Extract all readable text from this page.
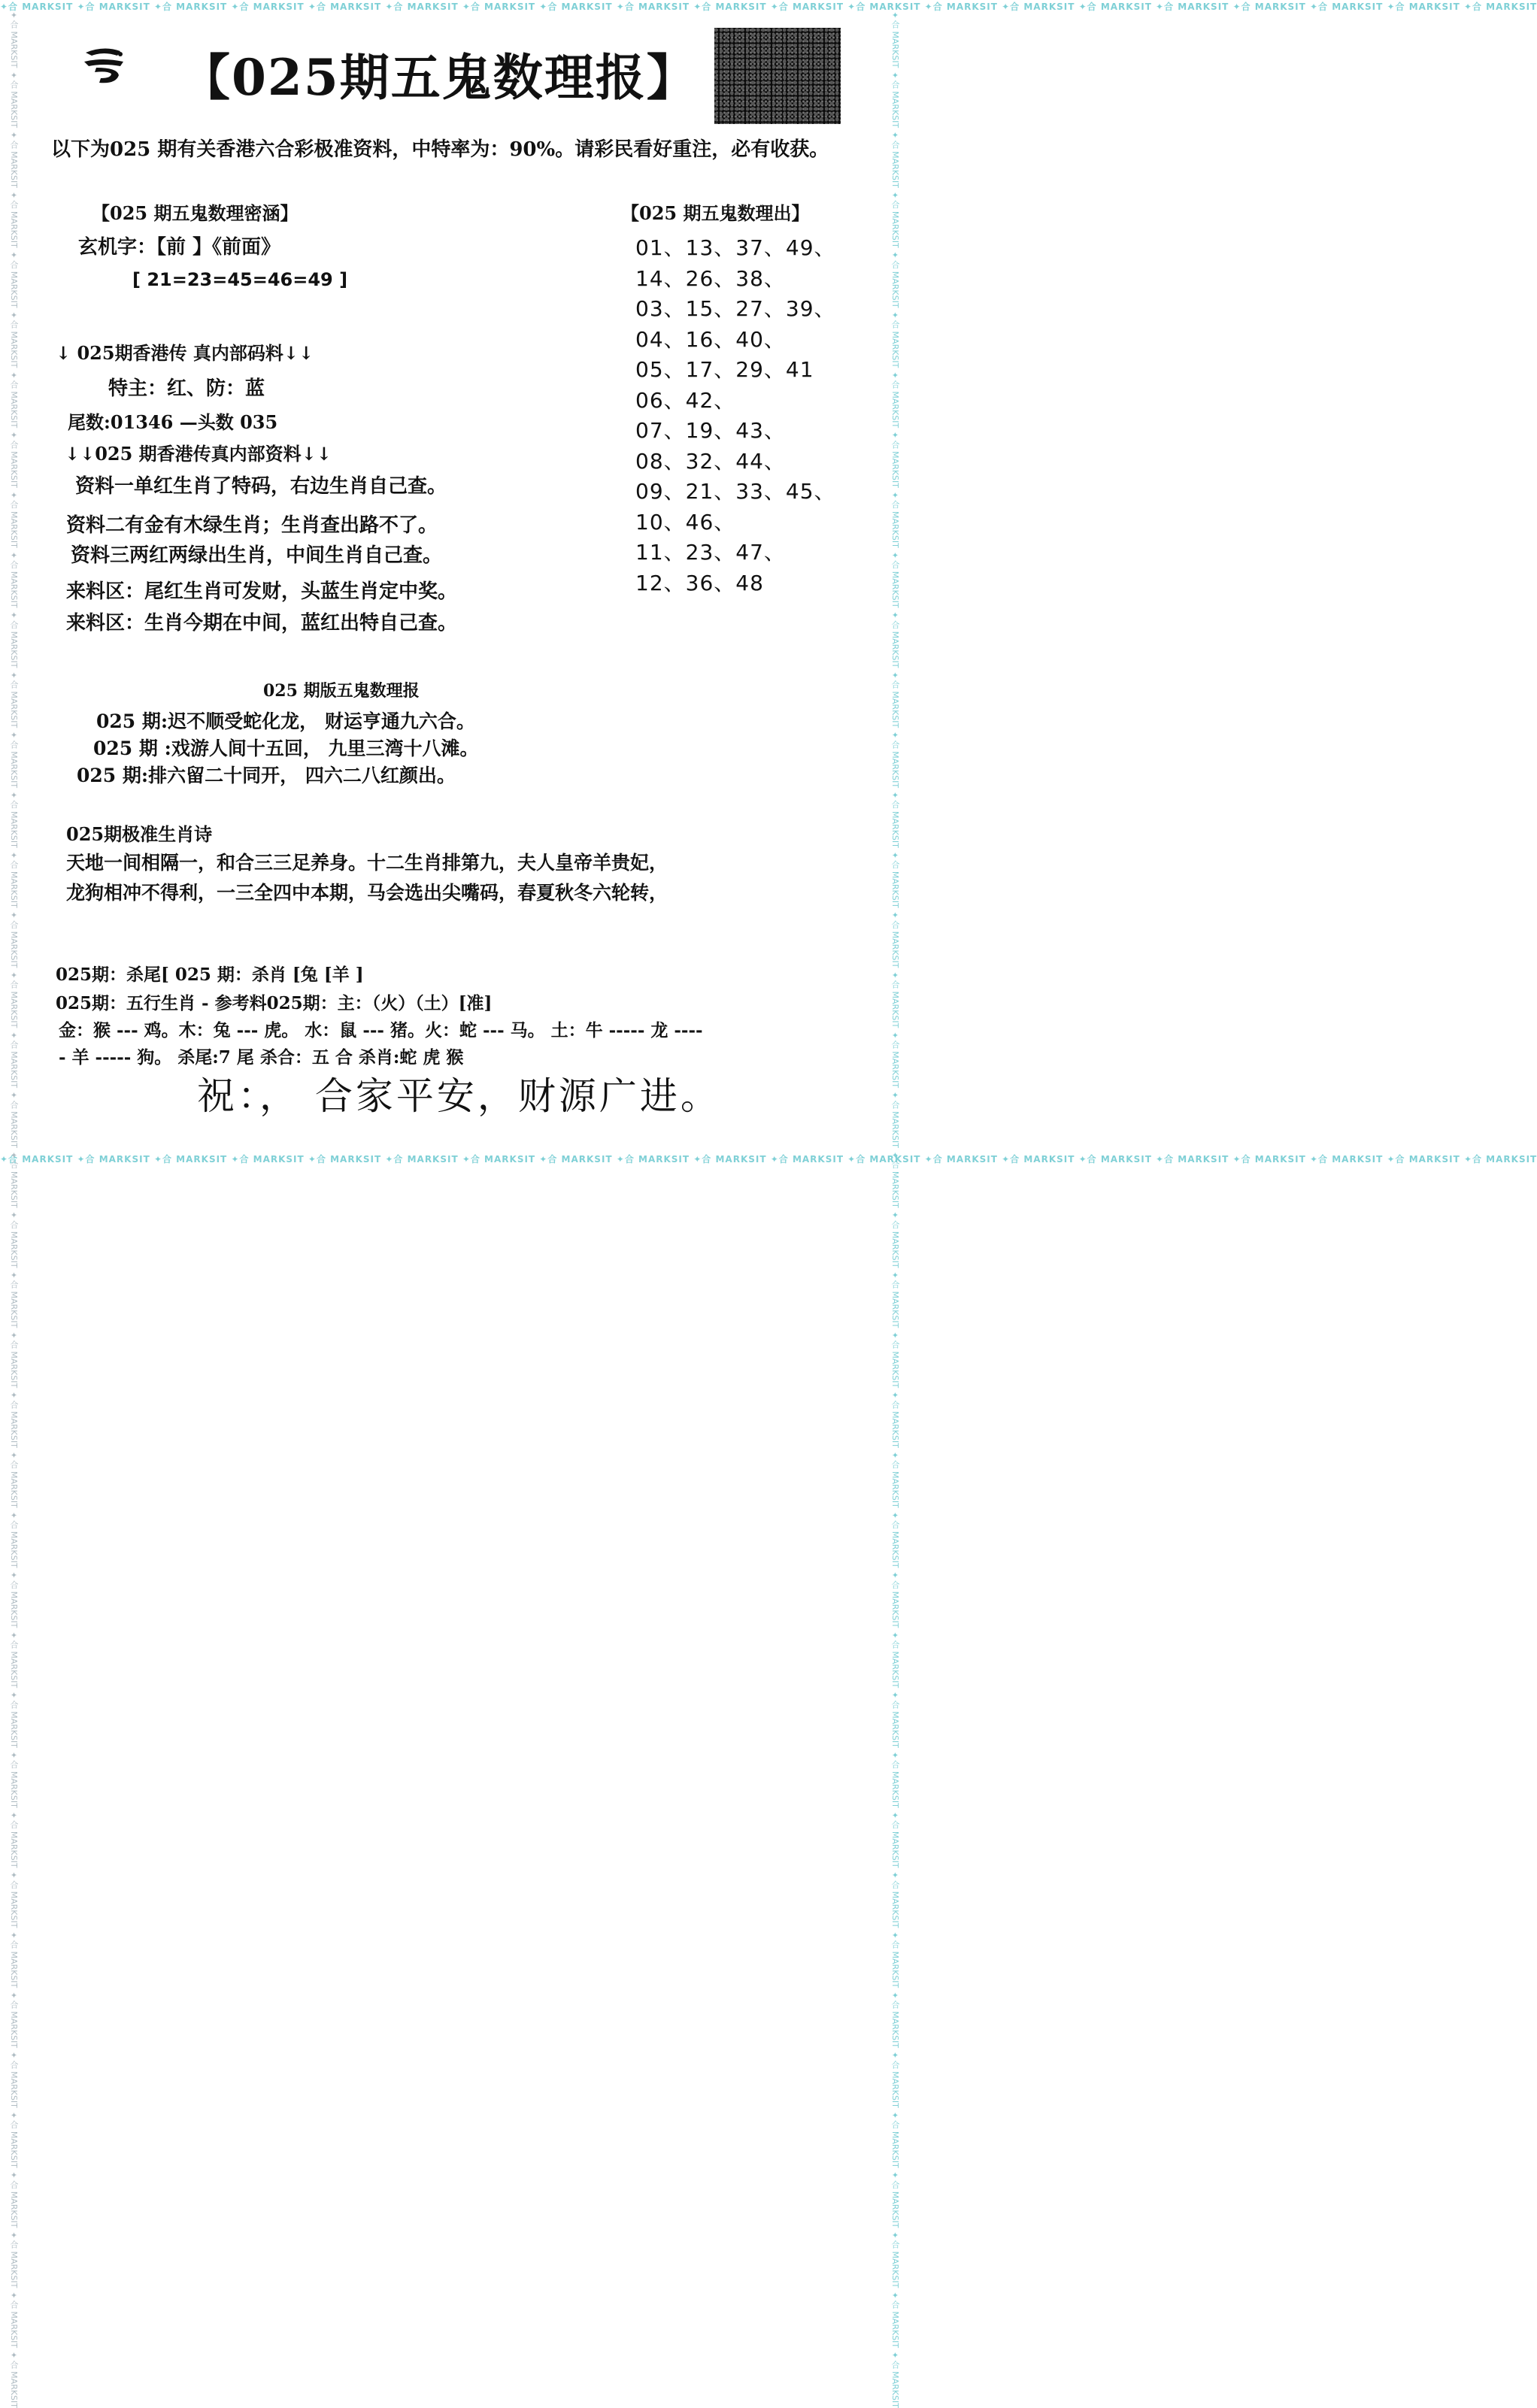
✦合 MARKSIT ✦合 MARKSIT ✦合 MARKSIT ✦合 MARKSIT ✦合 MARKSIT ✦合 MARKSIT ✦合 MARKSIT ✦合 MARKSIT ✦合 MARKSIT ✦合 MARKSIT ✦合 MARKSIT ✦合 MARKSIT ✦合 MARKSIT ✦合 MARKSIT ✦合 MARKSIT ✦合 MARKSIT ✦合 MARKSIT ✦合 MARKSIT ✦合 MARKSIT ✦合 MARKSIT
✦合 MARKSIT ✦合 MARKSIT ✦合 MARKSIT ✦合 MARKSIT ✦合 MARKSIT ✦合 MARKSIT ✦合 MARKSIT ✦合 MARKSIT ✦合 MARKSIT ✦合 MARKSIT ✦合 MARKSIT ✦合 MARKSIT ✦合 MARKSIT ✦合 MARKSIT ✦合 MARKSIT ✦合 MARKSIT ✦合 MARKSIT ✦合 MARKSIT ✦合 MARKSIT ✦合 MARKSIT
✦合 MARKSIT ✦合 MARKSIT ✦合 MARKSIT ✦合 MARKSIT ✦合 MARKSIT ✦合 MARKSIT ✦合 MARKSIT ✦合 MARKSIT ✦合 MARKSIT ✦合 MARKSIT ✦合 MARKSIT ✦合 MARKSIT ✦合 MARKSIT ✦合 MARKSIT ✦合 MARKSIT ✦合 MARKSIT ✦合 MARKSIT ✦合 MARKSIT ✦合 MARKSIT ✦合 MARKSIT ✦合 MARKSIT ✦合 MARKSIT ✦合 MARKSIT ✦合 MARKSIT ✦合 MARKSIT ✦合 MARKSIT ✦合 MARKSIT ✦合 MARKSIT ✦合 MARKSIT ✦合 MARKSIT ✦合 MARKSIT ✦合 MARKSIT ✦合 MARKSIT ✦合 MARKSIT ✦合 MARKSIT ✦合 MARKSIT ✦合 MARKSIT ✦合 MARKSIT ✦合 MARKSIT ✦合 MARKSIT	✦合 MARKSIT ✦合 MARKSIT ✦合 MARKSIT ✦合 MARKSIT ✦合 MARKSIT ✦合 MARKSIT ✦合 MARKSIT ✦合 MARKSIT ✦合 MARKSIT ✦合 MARKSIT ✦合 MARKSIT ✦合 MARKSIT ✦合 MARKSIT ✦合 MARKSIT ✦合 MARKSIT ✦合 MARKSIT ✦合 MARKSIT ✦合 MARKSIT ✦合 MARKSIT ✦合 MARKSIT ✦合 MARKSIT ✦合 MARKSIT ✦合 MARKSIT ✦合 MARKSIT ✦合 MARKSIT ✦合 MARKSIT ✦合 MARKSIT ✦合 MARKSIT ✦合 MARKSIT ✦合 MARKSIT ✦合 MARKSIT ✦合 MARKSIT ✦合 MARKSIT ✦合 MARKSIT ✦合 MARKSIT ✦合 MARKSIT ✦合 MARKSIT ✦合 MARKSIT ✦合 MARKSIT ✦合 MARKSIT
【025期五鬼数理报】
以下为025 期有关香港六合彩极准资料，中特率为：90%。请彩民看好重注，必有收获。
【025 期五鬼数理密涵】
玄机字：【前 】《前面》
[ 21=23=45=46=49 ]
↓ 025期香港传 真内部码料↓↓
特主：红、防：蓝
尾数:01346 —头数 035
↓↓025 期香港传真内部资料↓↓
资料一单红生肖了特码，右边生肖自己查。
资料二有金有木绿生肖；生肖查出路不了。
资料三两红两绿出生肖，中间生肖自己查。
来料区：尾红生肖可发财，头蓝生肖定中奖。
来料区：生肖今期在中间，蓝红出特自己查。
【025 期五鬼数理出】
01、13、37、49、
14、26、38、
03、15、27、39、
04、16、40、
05、17、29、41
06、42、
07、19、43、
08、32、44、
09、21、33、45、
10、46、
11、23、47、
12、36、48
025 期版五鬼数理报
025 期:迟不顺受蛇化龙， 财运亨通九六合。
025 期 :戏游人间十五回， 九里三湾十八滩。
025 期:排六留二十同开， 四六二八红颜出。
025期极准生肖诗
天地一间相隔一，和合三三足养身。十二生肖排第九，夫人皇帝羊贵妃，
龙狗相冲不得利，一三全四中本期，马会选出尖嘴码，春夏秋冬六轮转，
025期：杀尾[ 025 期：杀肖 [兔 [羊 ]
025期：五行生肖 - 参考料025期：主：（火）（土）[准]
金：猴 --- 鸡。木：兔 --- 虎。 水：鼠 --- 猪。火：蛇 --- 马。 土：牛 ----- 龙 ----
- 羊 ----- 狗。 杀尾:7 尾 杀合：五 合 杀肖:蛇 虎 猴
祝：， 合家平安，财源广进。
